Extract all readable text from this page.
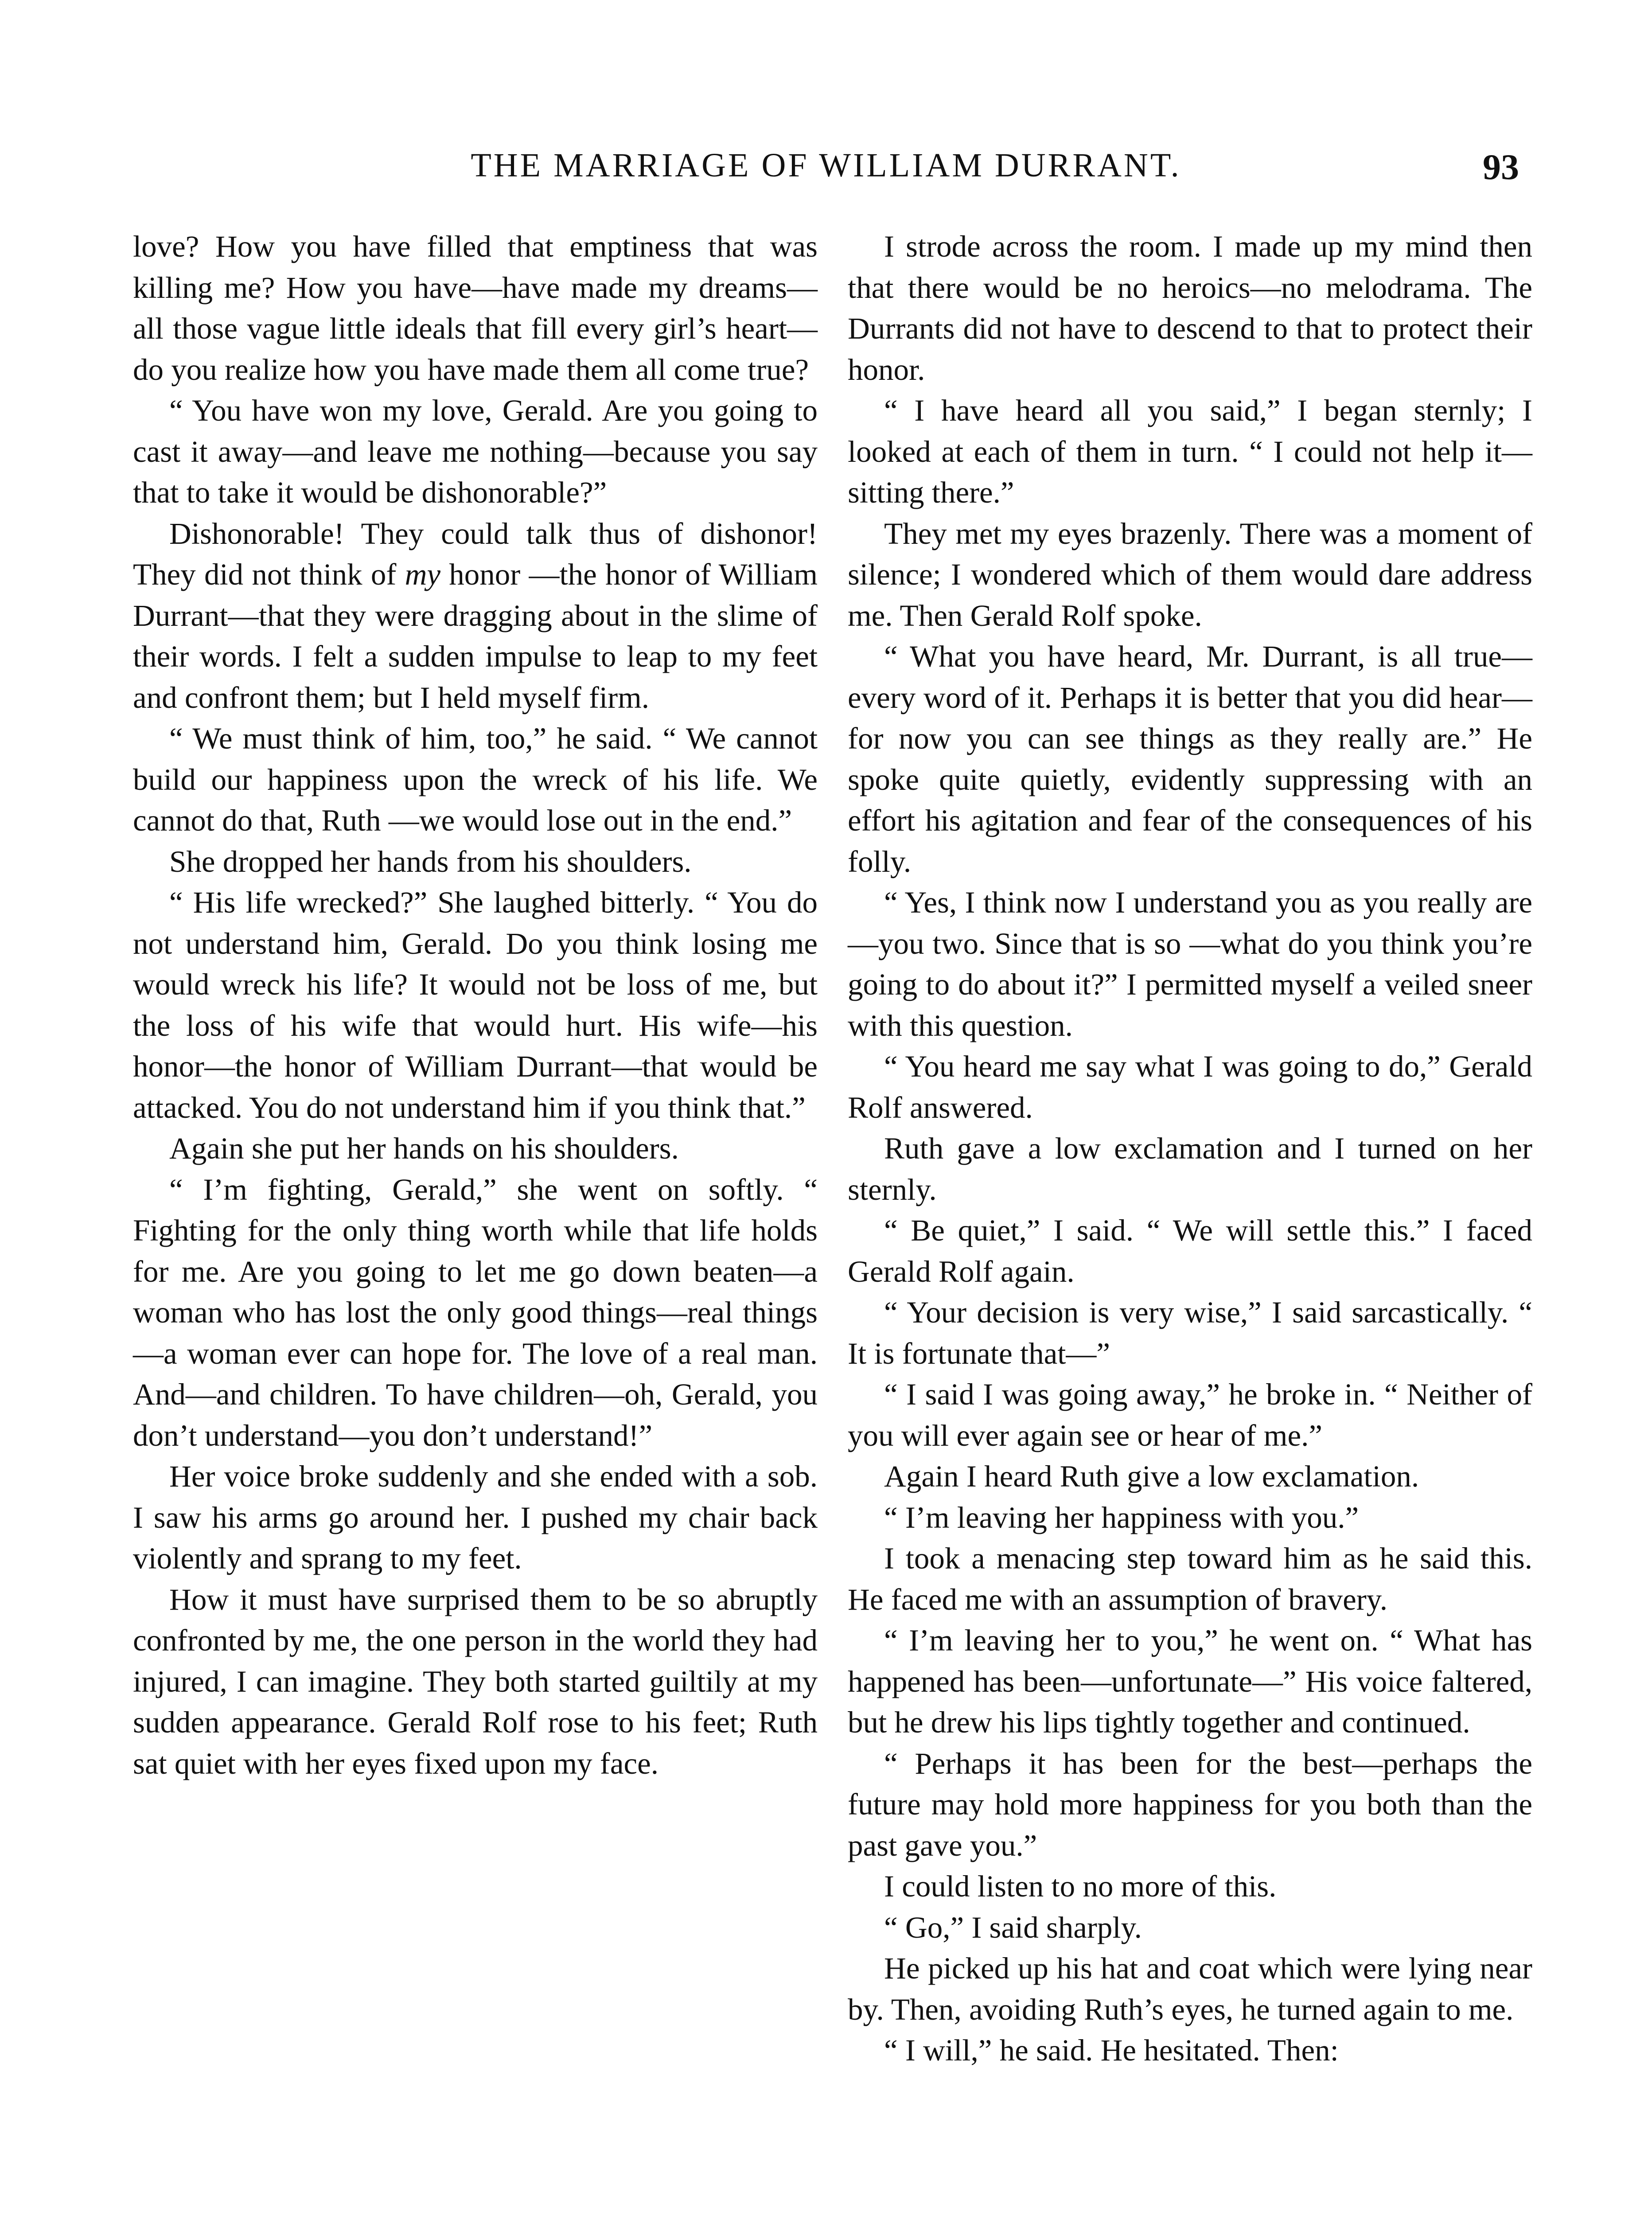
THE MARRIAGE OF WILLIAM DURRANT.	93

love? How you have filled that emptiness that was killing me? How you have—have made my dreams—all those vague little ideals that fill every girl’s heart—do you realize how you have made them all come true?

“ You have won my love, Gerald. Are you going to cast it away—and leave me nothing—because you say that to take it would be dishonorable?”

Dishonorable! They could talk thus of dishonor! They did not think of my honor —the honor of William Durrant—that they were dragging about in the slime of their words. I felt a sudden impulse to leap to my feet and confront them; but I held myself firm.

“ We must think of him, too,” he said. “ We cannot build our happiness upon the wreck of his life. We cannot do that, Ruth —we would lose out in the end.”

She dropped her hands from his shoulders.

“ His life wrecked?” She laughed bitterly. “ You do not understand him, Gerald. Do you think losing me would wreck his life? It would not be loss of me, but the loss of his wife that would hurt. His wife—his honor—the honor of William Durrant—that would be attacked. You do not understand him if you think that.”

Again she put her hands on his shoulders.

“ I’m fighting, Gerald,” she went on softly. “ Fighting for the only thing worth while that life holds for me. Are you going to let me go down beaten—a woman who has lost the only good things—real things—a woman ever can hope for. The love of a real man. And—and children. To have children—oh, Gerald, you don’t understand—you don’t understand!”

Her voice broke suddenly and she ended with a sob. I saw his arms go around her. I pushed my chair back violently and sprang to my feet.

How it must have surprised them to be so abruptly confronted by me, the one person in the world they had injured, I can imagine. They both started guiltily at my sudden appearance. Gerald Rolf rose to his feet; Ruth sat quiet with her eyes fixed upon my face.

I strode across the room. I made up my mind then that there would be no heroics—no melodrama. The Durrants did not have to descend to that to protect their honor.

“ I have heard all you said,” I began sternly; I looked at each of them in turn. “ I could not help it—sitting there.”

They met my eyes brazenly. There was a moment of silence; I wondered which of them would dare address me. Then Gerald Rolf spoke.

“ What you have heard, Mr. Durrant, is all true—every word of it. Perhaps it is better that you did hear—for now you can see things as they really are.” He spoke quite quietly, evidently suppressing with an effort his agitation and fear of the consequences of his folly.

“ Yes, I think now I understand you as you really are—you two. Since that is so —what do you think you’re going to do about it?” I permitted myself a veiled sneer with this question.

“ You heard me say what I was going to do,” Gerald Rolf answered.

Ruth gave a low exclamation and I turned on her sternly.

“ Be quiet,” I said. “ We will settle this.” I faced Gerald Rolf again.

“ Your decision is very wise,” I said sarcastically. “ It is fortunate that—”

“ I said I was going away,” he broke in. “ Neither of you will ever again see or hear of me.”

Again I heard Ruth give a low exclamation.

“ I’m leaving her happiness with you.”

I took a menacing step toward him as he said this. He faced me with an assumption of bravery.

“ I’m leaving her to you,” he went on. “ What has happened has been—unfortunate—” His voice faltered, but he drew his lips tightly together and continued.

“ Perhaps it has been for the best—perhaps the future may hold more happiness for you both than the past gave you.”

I could listen to no more of this.

“ Go,” I said sharply.

He picked up his hat and coat which were lying near by. Then, avoiding Ruth’s eyes, he turned again to me.

“ I will,” he said. He hesitated. Then:
